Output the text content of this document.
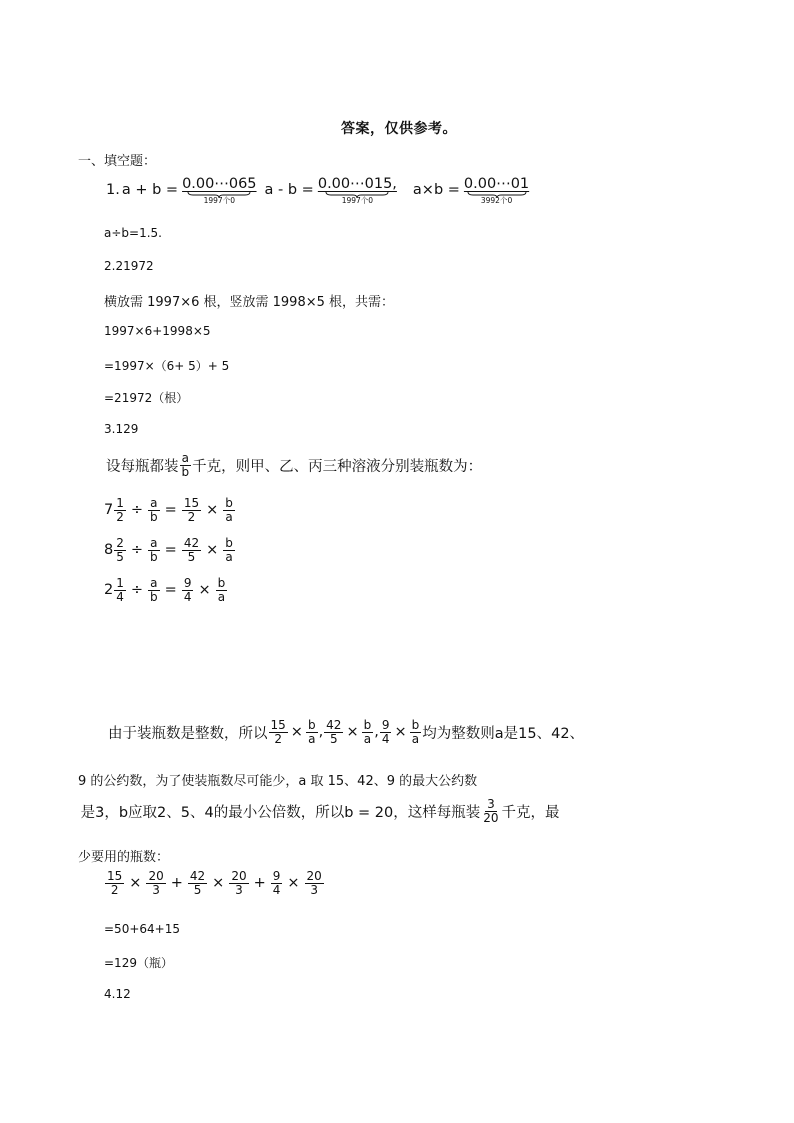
答案，仅供参考。
一、填空题：
1. a + b = 0.00⋯065
1997个0
a - b = 0.00⋯015,
1997个0
a×b = 0.00⋯01
3992个0
a÷b=1.5.
2.21972
横放需 1997×6 根，竖放需 1998×5 根，共需：
1997×6+1998×5
=1997×（6+ 5）+ 5
=21972（根）
3.129
设每瓶都装 $\frac{a}{b}$ 千克，则甲、乙、丙三种溶液分别装瓶数为：
$7 \frac{1}{2} \div \frac{a}{b} = \frac{15}{2} \times \frac{b}{a}$
$8 \frac{2}{5} \div \frac{a}{b} = \frac{42}{5} \times \frac{b}{a}$
$2 \frac{1}{4} \div \frac{a}{b} = \frac{9}{4} \times \frac{b}{a}$
由于装瓶数是整数，所以 $\frac{15}{2} \times \frac{b}{a}$ , $\frac{42}{5} \times \frac{b}{a}$ , $\frac{9}{4} \times \frac{b}{a}$ 均为整数则a是15、42、
9 的公约数，为了使装瓶数尽可能少，a 取 15、42、9 的最大公约数
是3，b应取2、5、4的最小公倍数，所以b = 20，这样每瓶装 $\frac{3}{20}$ 千克，最
少要用的瓶数：
$\frac{15}{2} \times \frac{20}{3} + \frac{42}{5} \times \frac{20}{3} + \frac{9}{4} \times \frac{20}{3}$
=50+64+15
=129（瓶）
4.12
